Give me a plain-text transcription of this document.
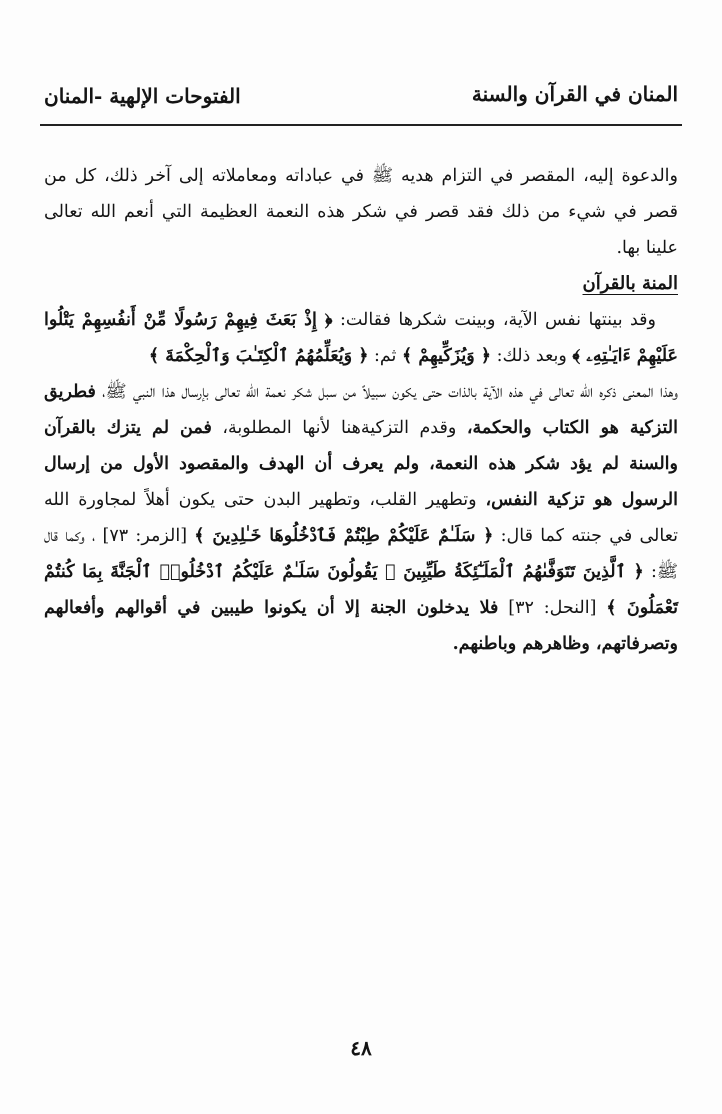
المنان في القرآن والسنة
الفتوحات الإلهية -المنان

والدعوة إليه، المقصر في التزام هديه ﷺ في عباداته ومعاملاته إلى آخر ذلك، كل من قصر في شيء من ذلك فقد قصر في شكر هذه النعمة العظيمة التي أنعم الله تعالى علينا بها.

المنة بالقرآن

وقد بينتها نفس الآية، وبينت شكرها فقالت: ﴿ إِذْ بَعَثَ فِيهِمْ رَسُولًا مِّنْ أَنفُسِهِمْ يَتْلُوا عَلَيْهِمْ ءَايَـٰتِهِۦ ﴾ وبعد ذلك: ﴿ وَيُزَكِّيهِمْ ﴾ ثم: ﴿ وَيُعَلِّمُهُمُ ٱلْكِتَـٰبَ وَٱلْحِكْمَةَ ﴾

وهذا المعنى ذكره الله تعالى في هذه الآية بالذات حتى يكون سبيلاً من سبل شكر نعمة الله تعالى بإرسال هذا النبي ﷺ، فطريق التزكية هو الكتاب والحكمة، وقدم التزكيةهنا لأنها المطلوبة، فمن لم يتزك بالقرآن والسنة لم يؤد شكر هذه النعمة، ولم يعرف أن الهدف والمقصود الأول من إرسال الرسول هو تزكية النفس، وتطهير القلب، وتطهير البدن حتى يكون أهلاً لمجاورة الله تعالى في جنته كما قال: ﴿ سَلَـٰمٌ عَلَيْكُمْ طِبْتُمْ فَٱدْخُلُوهَا خَـٰلِدِينَ ﴾ [الزمر: ٧٣] ، وكما قال ﷺ: ﴿ ٱلَّذِينَ تَتَوَفَّىٰهُمُ ٱلْمَلَـٰٓئِكَةُ طَيِّبِينَ ۙ يَقُولُونَ سَلَـٰمٌ عَلَيْكُمُ ٱدْخُلُوا۟ ٱلْجَنَّةَ بِمَا كُنتُمْ تَعْمَلُونَ ﴾ [النحل: ٣٢] فلا يدخلون الجنة إلا أن يكونوا طيبين في أقوالهم وأفعالهم وتصرفاتهم، وظاهرهم وباطنهم.

٤٨
